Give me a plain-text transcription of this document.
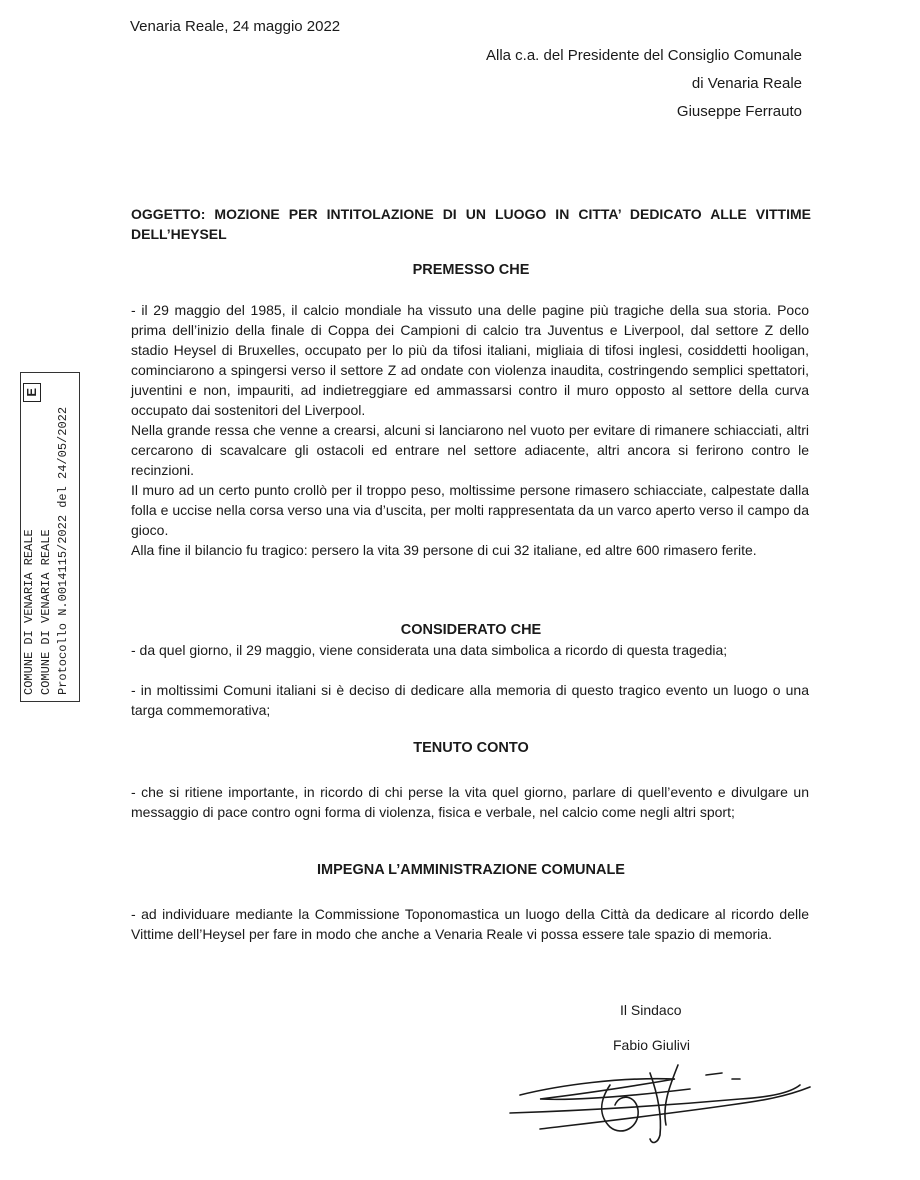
Venaria Reale, 24 maggio 2022
Alla c.a. del Presidente del Consiglio Comunale
di Venaria Reale
Giuseppe Ferrauto
OGGETTO: MOZIONE PER INTITOLAZIONE DI UN LUOGO IN CITTA’ DEDICATO ALLE VITTIME DELL’HEYSEL
PREMESSO CHE

- il 29 maggio del 1985, il calcio mondiale ha vissuto una delle pagine più tragiche della sua storia. Poco prima dell’inizio della finale di Coppa dei Campioni di calcio tra Juventus e Liverpool, dal settore Z dello stadio Heysel di Bruxelles, occupato per lo più da tifosi italiani, migliaia di tifosi inglesi, cosiddetti hooligan, cominciarono a spingersi verso il settore Z ad ondate con violenza inaudita, costringendo semplici spettatori, juventini e non, impauriti, ad indietreggiare ed ammassarsi contro il muro opposto al settore della curva occupato dai sostenitori del Liverpool.

Nella grande ressa che venne a crearsi, alcuni si lanciarono nel vuoto per evitare di rimanere schiacciati, altri cercarono di scavalcare gli ostacoli ed entrare nel settore adiacente, altri ancora si ferirono contro le recinzioni.

Il muro ad un certo punto crollò per il troppo peso, moltissime persone rimasero schiacciate, calpestate dalla folla e uccise nella corsa verso una via d’uscita, per molti rappresentata da un varco aperto verso il campo da gioco.

Alla fine il bilancio fu tragico: persero la vita 39 persone di cui 32 italiane, ed altre 600 rimasero ferite.

CONSIDERATO CHE

- da quel giorno, il 29 maggio, viene considerata una data simbolica a ricordo di questa tragedia;

- in moltissimi Comuni italiani si è deciso di dedicare alla memoria di questo tragico evento un luogo o una targa commemorativa;

TENUTO CONTO

- che si ritiene importante, in ricordo di chi perse la vita quel giorno, parlare di quell’evento e divulgare un messaggio di pace contro ogni forma di violenza, fisica e verbale, nel calcio come negli altri sport;

IMPEGNA L’AMMINISTRAZIONE COMUNALE

- ad individuare mediante la Commissione Toponomastica un luogo della Città da dedicare al ricordo delle Vittime dell’Heysel per fare in modo che anche a Venaria Reale vi possa essere tale spazio di memoria.

Il Sindaco
Fabio Giulivi
COMUNE DI VENARIA REALE COMUNE DI VENARIA REALE Protocollo N.0014115/2022 del 24/05/2022
E
